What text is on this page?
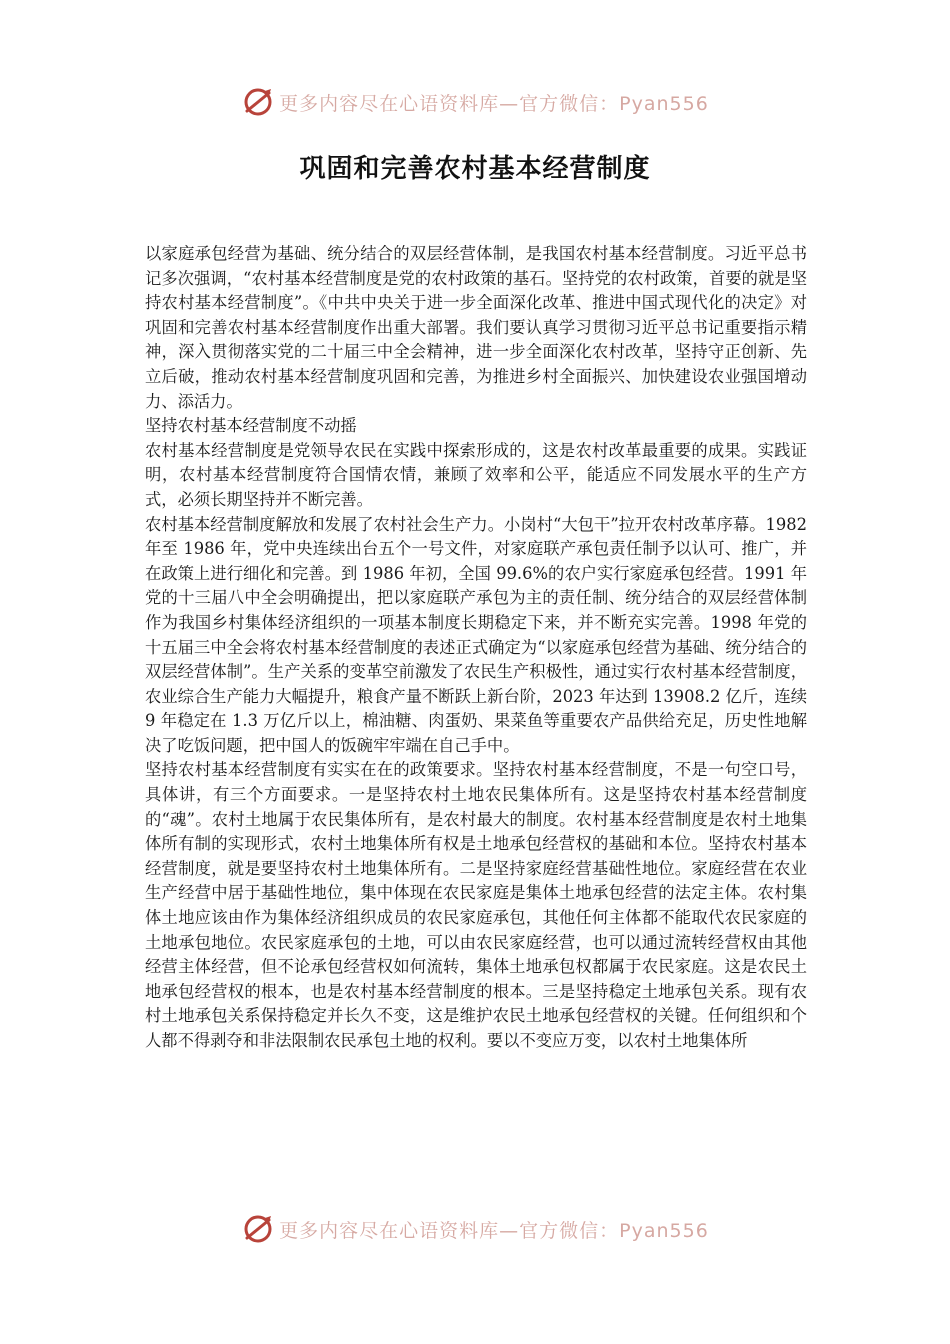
更多内容尽在心语资料库—官方微信：Pyan556
巩固和完善农村基本经营制度

以家庭承包经营为基础、统分结合的双层经营体制，是我国农村基本经营制度。习近平总书记多次强调，“农村基本经营制度是党的农村政策的基石。坚持党的农村政策，首要的就是坚持农村基本经营制度”。《中共中央关于进一步全面深化改革、推进中国式现代化的决定》对巩固和完善农村基本经营制度作出重大部署。我们要认真学习贯彻习近平总书记重要指示精神，深入贯彻落实党的二十届三中全会精神，进一步全面深化农村改革，坚持守正创新、先立后破，推动农村基本经营制度巩固和完善，为推进乡村全面振兴、加快建设农业强国增动力、添活力。

坚持农村基本经营制度不动摇

农村基本经营制度是党领导农民在实践中探索形成的，这是农村改革最重要的成果。实践证明，农村基本经营制度符合国情农情，兼顾了效率和公平，能适应不同发展水平的生产方式，必须长期坚持并不断完善。

农村基本经营制度解放和发展了农村社会生产力。小岗村“大包干”拉开农村改革序幕。1982 年至 1986 年，党中央连续出台五个一号文件，对家庭联产承包责任制予以认可、推广，并在政策上进行细化和完善。到 1986 年初，全国 99.6%的农户实行家庭承包经营。1991 年党的十三届八中全会明确提出，把以家庭联产承包为主的责任制、统分结合的双层经营体制作为我国乡村集体经济组织的一项基本制度长期稳定下来，并不断充实完善。1998 年党的十五届三中全会将农村基本经营制度的表述正式确定为“以家庭承包经营为基础、统分结合的双层经营体制”。生产关系的变革空前激发了农民生产积极性，通过实行农村基本经营制度，农业综合生产能力大幅提升，粮食产量不断跃上新台阶，2023 年达到 13908.2 亿斤，连续 9 年稳定在 1.3 万亿斤以上，棉油糖、肉蛋奶、果菜鱼等重要农产品供给充足，历史性地解决了吃饭问题，把中国人的饭碗牢牢端在自己手中。

坚持农村基本经营制度有实实在在的政策要求。坚持农村基本经营制度，不是一句空口号，具体讲，有三个方面要求。一是坚持农村土地农民集体所有。这是坚持农村基本经营制度的“魂”。农村土地属于农民集体所有，是农村最大的制度。农村基本经营制度是农村土地集体所有制的实现形式，农村土地集体所有权是土地承包经营权的基础和本位。坚持农村基本经营制度，就是要坚持农村土地集体所有。二是坚持家庭经营基础性地位。家庭经营在农业生产经营中居于基础性地位，集中体现在农民家庭是集体土地承包经营的法定主体。农村集体土地应该由作为集体经济组织成员的农民家庭承包，其他任何主体都不能取代农民家庭的土地承包地位。农民家庭承包的土地，可以由农民家庭经营，也可以通过流转经营权由其他经营主体经营，但不论承包经营权如何流转，集体土地承包权都属于农民家庭。这是农民土地承包经营权的根本，也是农村基本经营制度的根本。三是坚持稳定土地承包关系。现有农村土地承包关系保持稳定并长久不变，这是维护农民土地承包经营权的关键。任何组织和个人都不得剥夺和非法限制农民承包土地的权利。要以不变应万变，以农村土地集体所

更多内容尽在心语资料库—官方微信：Pyan556
